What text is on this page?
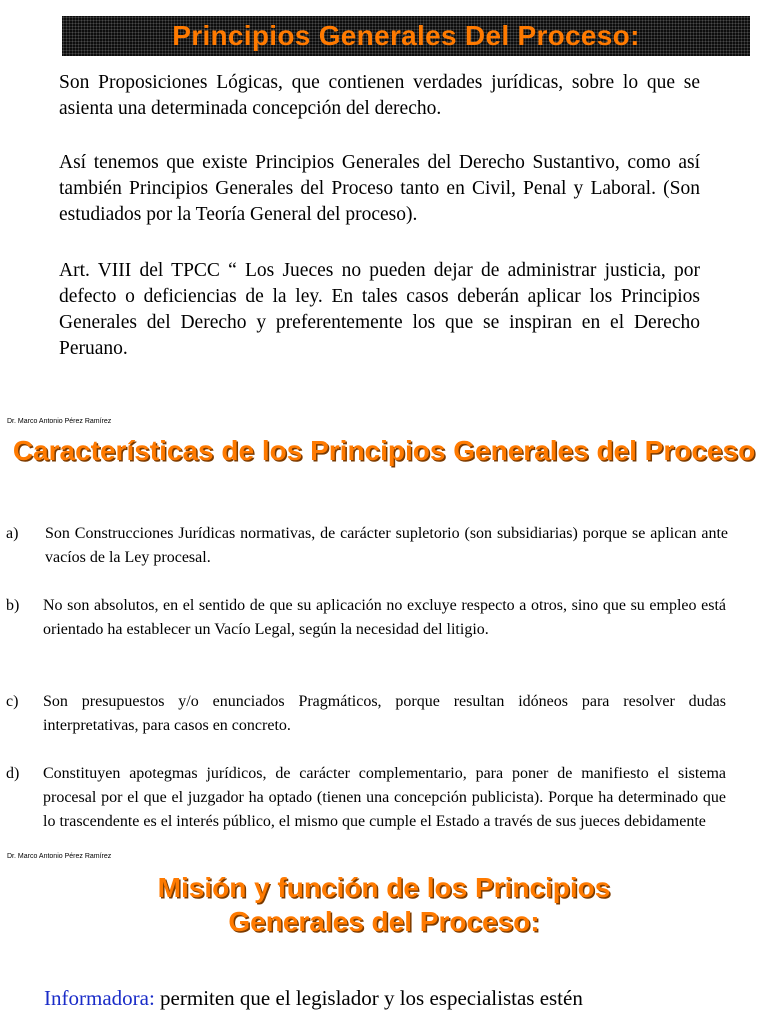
Principios Generales Del Proceso:

Son Proposiciones Lógicas, que contienen verdades jurídicas, sobre lo que se asienta una determinada concepción del derecho.

Así tenemos que existe Principios Generales del Derecho Sustantivo, como así también Principios Generales del Proceso tanto en Civil, Penal y Laboral. (Son estudiados por la Teoría General del proceso).

Art. VIII del TPCC “ Los Jueces no pueden dejar de administrar justicia, por defecto o deficiencias de la ley. En tales casos deberán aplicar los Principios Generales del Derecho y preferentemente los que se inspiran en el Derecho Peruano.

Dr. Marco Antonio Pérez Ramírez
Características de los Principios Generales del Proceso
a) Son Construcciones Jurídicas normativas, de carácter supletorio (son subsidiarias) porque se aplican ante vacíos de la Ley procesal.

b) No son absolutos, en el sentido de que su aplicación no excluye respecto a otros, sino que su empleo está orientado ha establecer un Vacío Legal, según la necesidad del litigio.

c) Son presupuestos y/o enunciados Pragmáticos, porque resultan idóneos para resolver dudas interpretativas, para casos en concreto.

d) Constituyen apotegmas jurídicos, de carácter complementario, para poner de manifiesto el sistema procesal por el que el juzgador ha optado (tienen una concepción publicista). Porque ha determinado que lo trascendente es el interés público, el mismo que cumple el Estado a través de sus jueces debidamente

Dr. Marco Antonio Pérez Ramírez
Misión y función de los Principios
Generales del Proceso:

Informadora: permiten que el legislador y los especialistas estén
